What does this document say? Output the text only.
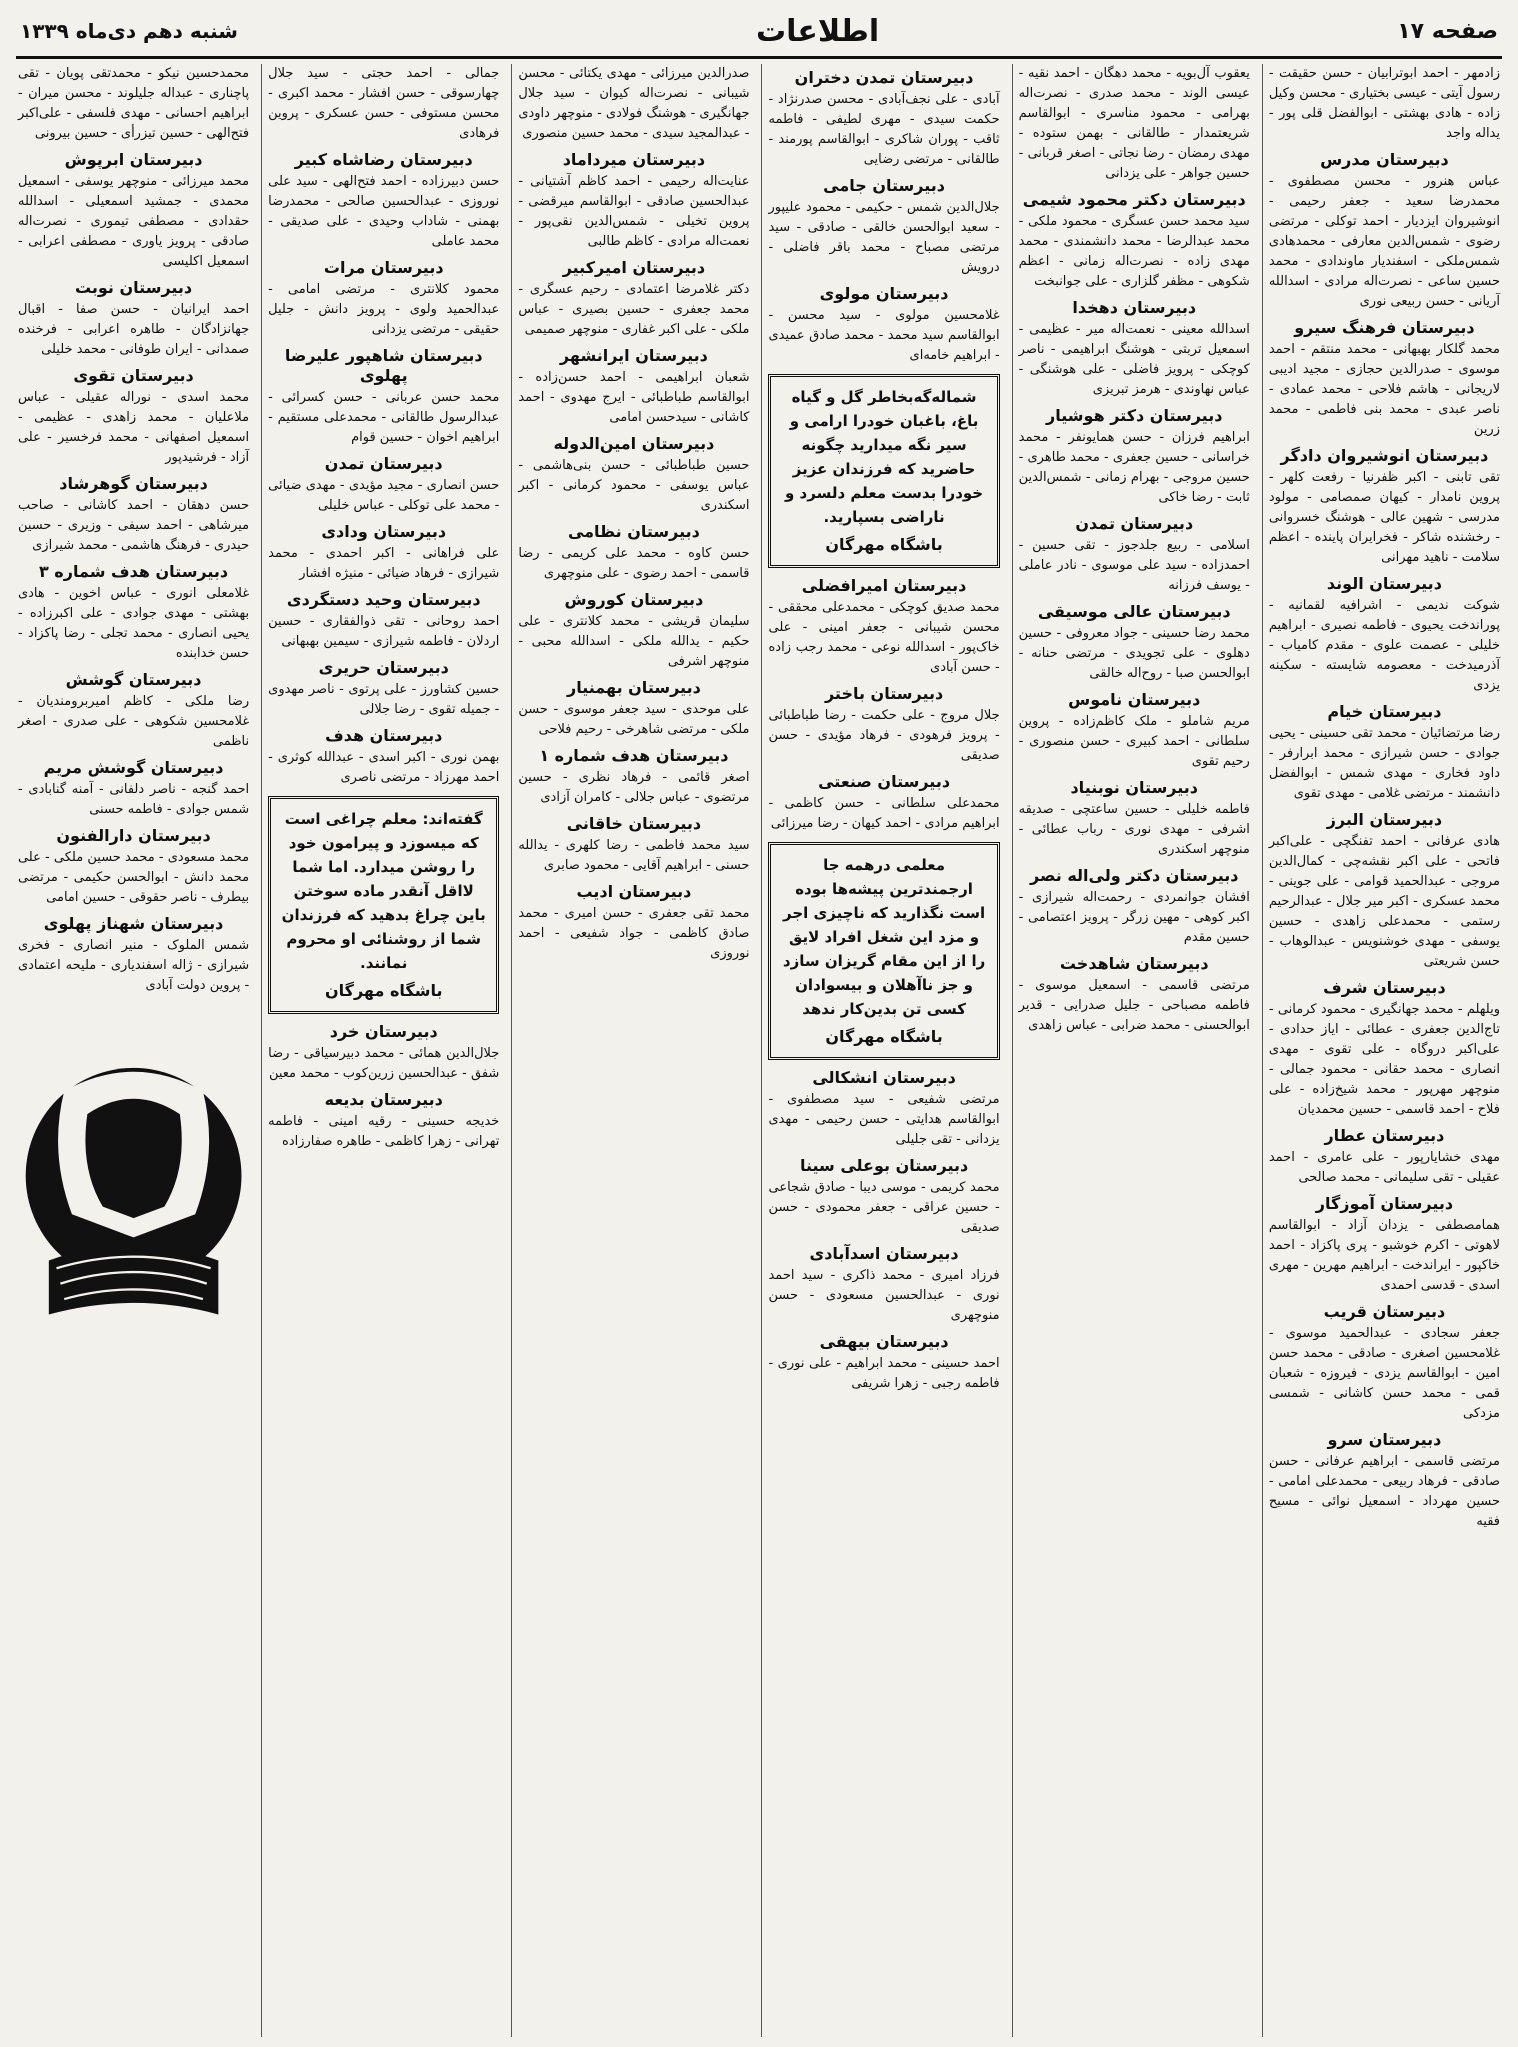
صفحه ۱۷
اطلاعات
شنبه دهم دی‌ماه ۱۳۳۹
زادمهر - احمد ابوترابیان - حسن حقیقت - رسول آیتی - عیسی بختیاری - محسن وکیل زاده - هادی بهشتی - ابوالفضل قلی پور - یداله واجد
دبیرستان مدرس
عباس هنرور - محسن مصطفوی - محمدرضا سعید - جعفر رحیمی - انوشیروان ایزدیار - احمد توکلی - مرتضی رضوی - شمس‌الدین معارفی - محمدهادی شمس‌ملکی - اسفندیار ماوندادی - محمد حسین ساعی - نصرت‌اله مرادی - اسدالله آریانی - حسن ربیعی نوری
دبیرستان فرهنگ سیرو
محمد گلکار بهبهانی - محمد منتقم - احمد موسوی - صدرالدین حجازی - مجید ادیبی لاریجانی - هاشم فلاحی - محمد عمادی - ناصر عبدی - محمد بنی فاطمی - محمد زرین
دبیرستان انوشیروان دادگر
تقی تابنی - اکبر ظفرنیا - رفعت کلهر - پروین نامدار - کیهان صمصامی - مولود مدرسی - شهین عالی - هوشنگ خسروانی - رخشنده شاکر - فخرایران پاینده - اعظم سلامت - ناهید مهرانی
دبیرستان الوند
شوکت ندیمی - اشرافیه لقمانیه - پوراندخت یحیوی - فاطمه نصیری - ابراهیم خلیلی - عصمت علوی - مقدم کامیاب - آذرمیدخت - معصومه شایسته - سکینه یزدی
دبیرستان خیام
رضا مرتضائیان - محمد تقی حسینی - یحیی جوادی - حسن شیرازی - محمد ابرارفر - داود فخاری - مهدی شمس - ابوالفضل دانشمند - مرتضی غلامی - مهدی تقوی
دبیرستان البرز
هادی عرفانی - احمد تفنگچی - علی‌اکبر فاتحی - علی اکبر نقشه‌چی - کمال‌الدین مروجی - عبدالحمید قوامی - علی جوینی - محمد عسکری - اکبر میر جلال - عبدالرحیم رستمی - محمدعلی زاهدی - حسین یوسفی - مهدی خوشنویس - عبدالوهاب - حسن شریعتی
دبیرستان شرف
ویلهلم - محمد جهانگیری - محمود کرمانی - تاج‌الدین جعفری - عطائی - ایاز حدادی - علی‌اکبر دروگاه - علی تقوی - مهدی انصاری - محمد حقانی - محمود جمالی - منوچهر مهرپور - محمد شیخ‌زاده - علی فلاح - احمد قاسمی - حسین محمدیان
دبیرستان عطار
مهدی خشایارپور - علی عامری - احمد عقیلی - تقی سلیمانی - محمد صالحی
دبیرستان آموزگار
همامصطفی - یزدان آزاد - ابوالقاسم لاهوتی - اکرم خوشبو - پری پاکزاد - احمد خاکپور - ایراندخت - ابراهیم مهرین - مهری اسدی - قدسی احمدی
دبیرستان قریب
جعفر سجادی - عبدالحمید موسوی - غلامحسین اصغری - صادقی - محمد حسن امین - ابوالقاسم یزدی - فیروزه - شعبان قمی - محمد حسن کاشانی - شمسی مزدکی
دبیرستان سرو
مرتضی قاسمی - ابراهیم عرفانی - حسن صادقی - فرهاد ربیعی - محمدعلی امامی - حسین مهرداد - اسمعیل نوائی - مسیح فقیه
یعقوب آل‌بویه - محمد دهگان - احمد نقیه - عیسی الوند - محمد صدری - نصرت‌اله بهرامی - محمود مناسری - ابوالقاسم شریعتمدار - طالقانی - بهمن ستوده - مهدی رمضان - رضا نجاتی - اصغر قربانی - حسین جواهر - علی یزدانی
دبیرستان دکتر محمود شیمی
سید محمد حسن عسگری - محمود ملکی - محمد عبدالرضا - محمد دانشمندی - محمد مهدی زاده - نصرت‌اله زمانی - اعظم شکوهی - مظفر گلزاری - علی جوانبخت
دبیرستان دهخدا
اسدالله معینی - نعمت‌اله میر - عظیمی - اسمعیل تربتی - هوشنگ ابراهیمی - ناصر کوچکی - پرویز فاضلی - علی هوشنگی - عباس نهاوندی - هرمز تبریزی
دبیرستان دکتر هوشیار
ابراهیم فرزان - حسن همایونفر - محمد خراسانی - حسین جعفری - محمد طاهری - حسین مروجی - بهرام زمانی - شمس‌الدین ثابت - رضا خاکی
دبیرستان تمدن
اسلامی - ربیع جلدجوز - تقی حسین - احمدزاده - سید علی موسوی - نادر عاملی - یوسف فرزانه
دبیرستان عالی موسیقی
محمد رضا حسینی - جواد معروفی - حسین دهلوی - علی تجویدی - مرتضی حنانه - ابوالحسن صبا - روح‌اله خالقی
دبیرستان ناموس
مریم شاملو - ملک کاظم‌زاده - پروین سلطانی - احمد کبیری - حسن منصوری - رحیم تقوی
دبیرستان نوبنیاد
فاطمه خلیلی - حسین ساعتچی - صدیقه اشرفی - مهدی نوری - رباب عطائی - منوچهر اسکندری
دبیرستان دکتر ولی‌اله نصر
افشان جوانمردی - رحمت‌اله شیرازی - اکبر کوهی - مهین زرگر - پرویز اعتصامی - حسین مقدم
دبیرستان شاهدخت
مرتضی قاسمی - اسمعیل موسوی - فاطمه مصباحی - جلیل صدرایی - قدیر ابوالحسنی - محمد ضرابی - عباس زاهدی
دبیرستان تمدن دختران
آبادی - علی نجف‌آبادی - محسن صدرنژاد - حکمت سیدی - مهری لطیفی - فاطمه ثاقب - پوران شاکری - ابوالقاسم پورمند - طالقانی - مرتضی رضایی
دبیرستان جامی
جلال‌الدین شمس - حکیمی - محمود علیپور - سعید ابوالحسن خالقی - صادقی - سید مرتضی مصباح - محمد باقر فاضلی - درویش
دبیرستان مولوی
غلامحسین مولوی - سید محسن - ابوالقاسم سید محمد - محمد صادق عمیدی - ابراهیم خامه‌ای
شماله‌گه‌بخاطر گل و گیاه باغ، باغبان خودرا ارامی و سیر نگه میدارید چگونه حاضرید که فرزندان عزیز خودرا بدست معلم دلسرد و ناراضی بسپارید.
باشگاه مهرگان
دبیرستان امیرافضلی
محمد صدیق کوچکی - محمدعلی محققی - محسن شیبانی - جعفر امینی - علی خاک‌پور - اسدالله نوعی - محمد رجب زاده - حسن آبادی
دبیرستان باختر
جلال مروج - علی حکمت - رضا طباطبائی - پرویز فرهودی - فرهاد مؤیدی - حسن صدیقی
دبیرستان صنعتی
محمدعلی سلطانی - حسن کاظمی - ابراهیم مرادی - احمد کیهان - رضا میرزائی
معلمی درهمه جا ارجمندترین پیشه‌ها بوده است نگذارید که ناچیزی اجر و مزد این شغل افراد لایق را از این مقام گریزان سازد و جز ناآهلان و بیسوادان کسی تن بدین‌کار ندهد
باشگاه مهرگان
دبیرستان انشکالی
مرتضی شفیعی - سید مصطفوی - ابوالقاسم هدایتی - حسن رحیمی - مهدی یزدانی - تقی جلیلی
دبیرستان بوعلی سینا
محمد کریمی - موسی دیبا - صادق شجاعی - حسین عراقی - جعفر محمودی - حسن صدیقی
دبیرستان اسدآبادی
فرزاد امیری - محمد ذاکری - سید احمد نوری - عبدالحسین مسعودی - حسن منوچهری
دبیرستان بیهقی
احمد حسینی - محمد ابراهیم - علی نوری - فاطمه رجبی - زهرا شریفی
صدرالدین میرزائی - مهدی یکتائی - محسن شیبانی - نصرت‌اله کیوان - سید جلال جهانگیری - هوشنگ فولادی - منوچهر داودی - عبدالمجید سیدی - محمد حسین منصوری
دبیرستان میرداماد
عنایت‌اله رحیمی - احمد کاظم آشتیانی - عبدالحسین صادقی - ابوالقاسم میرقضی - پروین تخیلی - شمس‌الدین نقی‌پور - نعمت‌اله مرادی - کاظم طالبی
دبیرستان امیرکبیر
دکتر غلامرضا اعتمادی - رحیم عسگری - محمد جعفری - حسین بصیری - عباس ملکی - علی اکبر غفاری - منوچهر صمیمی
دبیرستان ایرانشهر
شعبان ابراهیمی - احمد حسن‌زاده - ابوالقاسم طباطبائی - ایرج مهدوی - احمد کاشانی - سیدحسن امامی
دبیرستان امین‌الدوله
حسین طباطبائی - حسن بنی‌هاشمی - عباس یوسفی - محمود کرمانی - اکبر اسکندری
دبیرستان نظامی
حسن کاوه - محمد علی کریمی - رضا قاسمی - احمد رضوی - علی منوچهری
دبیرستان کوروش
سلیمان قریشی - محمد کلانتری - علی حکیم - یدالله ملکی - اسدالله محبی - منوچهر اشرفی
دبیرستان بهمنیار
علی موحدی - سید جعفر موسوی - حسن ملکی - مرتضی شاهرخی - رحیم فلاحی
دبیرستان هدف شماره ۱
اصغر قائمی - فرهاد نظری - حسین مرتضوی - عباس جلالی - کامران آزادی
دبیرستان خاقانی
سید محمد فاطمی - رضا کلهری - یدالله حسنی - ابراهیم آقایی - محمود صابری
دبیرستان ادیب
محمد تقی جعفری - حسن امیری - محمد صادق کاظمی - جواد شفیعی - احمد نوروزی
جمالی - احمد حجتی - سید جلال چهارسوقی - حسن افشار - محمد اکبری - محسن مستوفی - حسن عسکری - پروین فرهادی
دبیرستان رضاشاه کبیر
حسن دبیرزاده - احمد فتح‌الهی - سید علی نوروزی - عبدالحسین صالحی - محمدرضا بهمنی - شاداب وحیدی - علی صدیقی - محمد عاملی
دبیرستان مرات
محمود کلانتری - مرتضی امامی - عبدالحمید ولوی - پرویز دانش - جلیل حقیقی - مرتضی یزدانی
دبیرستان شاهپور علیرضا پهلوی
محمد حسن عربانی - حسن کسرائی - عبدالرسول طالقانی - محمدعلی مستقیم - ابراهیم اخوان - حسین قوام
دبیرستان تمدن
حسن انصاری - مجید مؤیدی - مهدی ضیائی - محمد علی توکلی - عباس خلیلی
دبیرستان ودادی
علی فراهانی - اکبر احمدی - محمد شیرازی - فرهاد ضیائی - منیژه افشار
دبیرستان وحید دستگردی
احمد روحانی - تقی ذوالفقاری - حسین اردلان - فاطمه شیرازی - سیمین بهبهانی
دبیرستان حریری
حسین کشاورز - علی پرتوی - ناصر مهدوی - جمیله تقوی - رضا جلالی
دبیرستان هدف
بهمن نوری - اکبر اسدی - عبدالله کوثری - احمد مهرزاد - مرتضی ناصری
گفته‌اند: معلم چراغی است که میسوزد و پیرامون خود را روشن میدارد. اما شما لااقل آنقدر ماده سوختن باین چراغ بدهید که فرزندان شما از روشنائی او محروم نمانند.
باشگاه مهرگان
دبیرستان خرد
جلال‌الدین همائی - محمد دبیرسیاقی - رضا شفق - عبدالحسین زرین‌کوب - محمد معین
دبیرستان بدیعه
خدیجه حسینی - رقیه امینی - فاطمه تهرانی - زهرا کاظمی - طاهره صفارزاده
محمدحسین نیکو - محمدتقی پویان - تقی پاچناری - عبداله جلیلوند - محسن میران - ابراهیم احسانی - مهدی فلسفی - علی‌اکبر فتح‌الهی - حسین تیزرأی - حسین بیرونی
دبیرستان ابرپوش
محمد میرزائی - منوچهر یوسفی - اسمعیل محمدی - جمشید اسمعیلی - اسدالله حقدادی - مصطفی تیموری - نصرت‌اله صادقی - پرویز یاوری - مصطفی اعرابی - اسمعیل اکلیسی
دبیرستان نوبت
احمد ایرانیان - حسن صفا - اقبال جهانزادگان - طاهره اعرابی - فرخنده صمدانی - ایران طوفانی - محمد خلیلی
دبیرستان تقوی
محمد اسدی - نوراله عقیلی - عباس ملاعلیان - محمد زاهدی - عظیمی - اسمعیل اصفهانی - محمد فرخسیر - علی آزاد - فرشیدپور
دبیرستان گوهرشاد
حسن دهقان - احمد کاشانی - صاحب میرشاهی - احمد سیفی - وزیری - حسین حیدری - فرهنگ هاشمی - محمد شیرازی
دبیرستان هدف شماره ۳
غلامعلی انوری - عباس اخوین - هادی بهشتی - مهدی جوادی - علی اکبرزاده - یحیی انصاری - محمد تجلی - رضا پاکزاد - حسن خدابنده
دبیرستان گوشش
رضا ملکی - کاظم امیربرومندیان - غلامحسین شکوهی - علی صدری - اصغر ناظمی
دبیرستان گوشش مریم
احمد گنجه - ناصر دلفانی - آمنه گنابادی - شمس جوادی - فاطمه حسنی
دبیرستان دارالفنون
محمد مسعودی - محمد حسین ملکی - علی محمد دانش - ابوالحسن حکیمی - مرتضی بیطرف - ناصر حقوقی - حسین امامی
دبیرستان شهناز پهلوی
شمس الملوک - منیر انصاری - فخری شیرازی - ژاله اسفندیاری - ملیحه اعتمادی - پروین دولت آبادی
